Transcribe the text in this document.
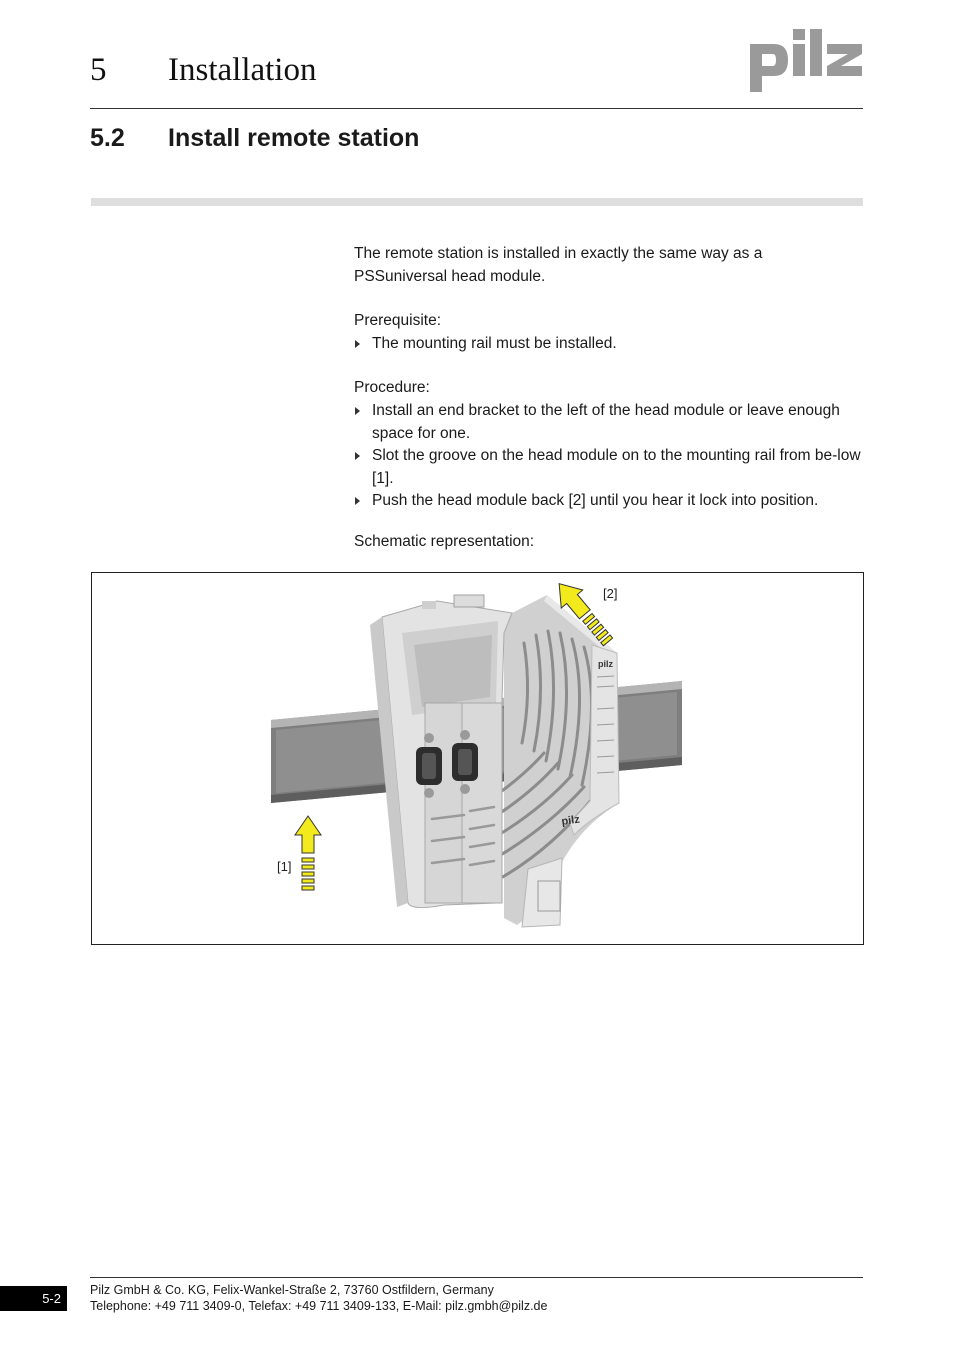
5 Installation
5.2 Install remote station
The remote station is installed in exactly the same way as a PSSuniversal head module.
Prerequisite:
The mounting rail must be installed.
Procedure:
Install an end bracket to the left of the head module or leave enough space for one.
Slot the groove on the head module on to the mounting rail from be-low [1].
Push the head module back [2] until you hear it lock into position.
Schematic representation:
pilz
pilz
[1]
[2]
5-2
Pilz GmbH & Co. KG, Felix-Wankel-Straße 2, 73760 Ostfildern, Germany
Telephone: +49 711 3409-0, Telefax: +49 711 3409-133, E-Mail: pilz.gmbh@pilz.de
